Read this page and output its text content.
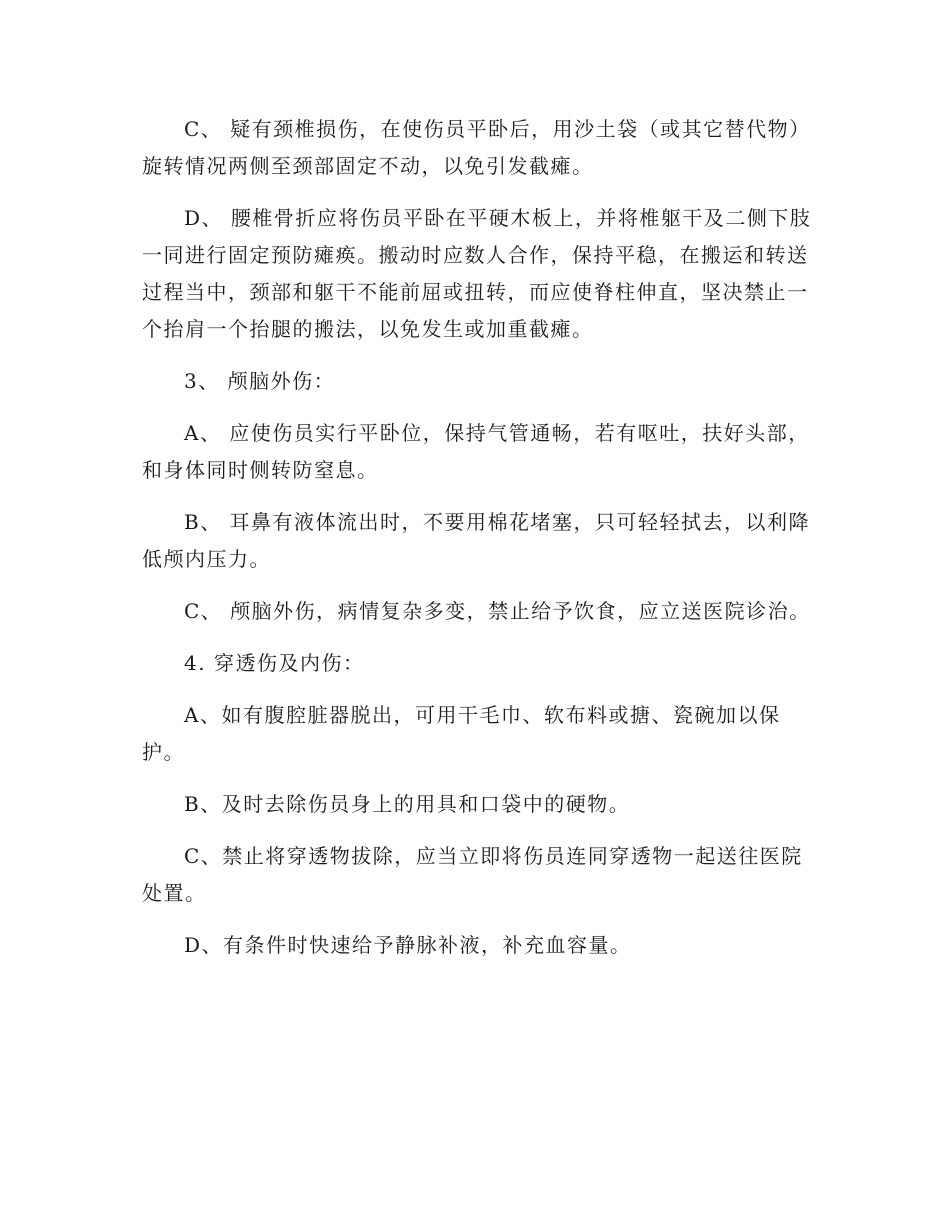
C、 疑有颈椎损伤，在使伤员平卧后，用沙土袋（或其它替代物）旋转情况两侧至颈部固定不动，以免引发截瘫。

D、 腰椎骨折应将伤员平卧在平硬木板上，并将椎躯干及二侧下肢一同进行固定预防瘫痪。搬动时应数人合作，保持平稳，在搬运和转送过程当中，颈部和躯干不能前屈或扭转，而应使脊柱伸直，坚决禁止一个抬肩一个抬腿的搬法，以免发生或加重截瘫。

3、 颅脑外伤：

A、 应使伤员实行平卧位，保持气管通畅，若有呕吐，扶好头部，和身体同时侧转防窒息。

B、 耳鼻有液体流出时，不要用棉花堵塞，只可轻轻拭去，以利降低颅内压力。

C、 颅脑外伤，病情复杂多变，禁止给予饮食，应立送医院诊治。

4. 穿透伤及内伤：

A、如有腹腔脏器脱出，可用干毛巾、软布料或搪、瓷碗加以保护。

B、及时去除伤员身上的用具和口袋中的硬物。

C、禁止将穿透物拔除，应当立即将伤员连同穿透物一起送往医院处置。

D、有条件时快速给予静脉补液，补充血容量。
